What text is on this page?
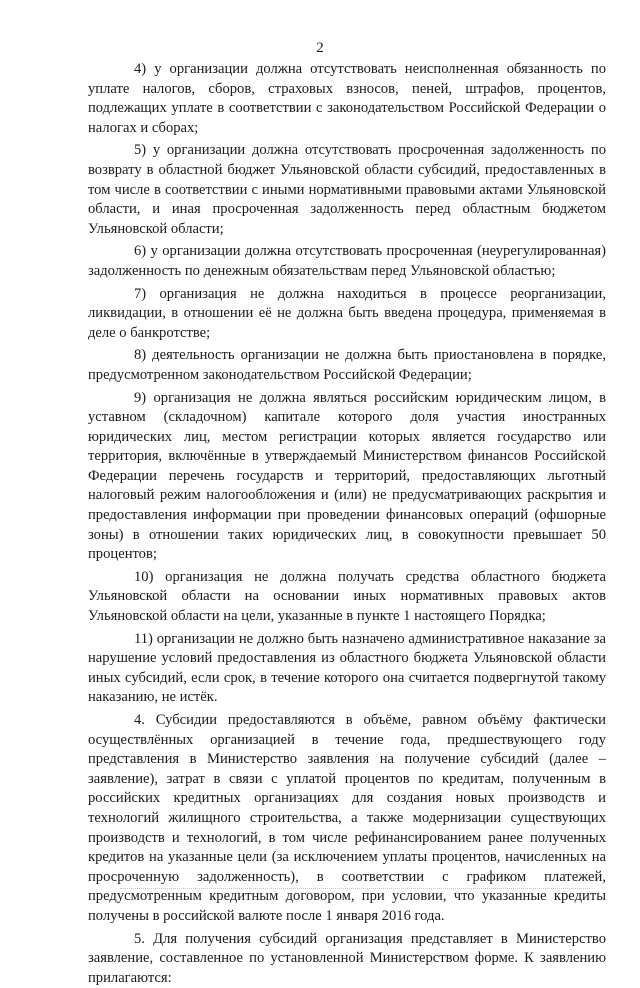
2

4) у организации должна отсутствовать неисполненная обязанность по уплате налогов, сборов, страховых взносов, пеней, штрафов, процентов, подлежащих уплате в соответствии с законодательством Российской Федерации о налогах и сборах;

5) у организации должна отсутствовать просроченная задолженность по возврату в областной бюджет Ульяновской области субсидий, предоставленных в том числе в соответствии с иными нормативными правовыми актами Ульяновской области, и иная просроченная задолженность перед областным бюджетом Ульяновской области;

6) у организации должна отсутствовать просроченная (неурегулированная) задолженность по денежным обязательствам перед Ульяновской областью;

7) организация не должна находиться в процессе реорганизации, ликвидации, в отношении её не должна быть введена процедура, применяемая в деле о банкротстве;

8) деятельность организации не должна быть приостановлена в порядке, предусмотренном законодательством Российской Федерации;

9) организация не должна являться российским юридическим лицом, в уставном (складочном) капитале которого доля участия иностранных юридических лиц, местом регистрации которых является государство или территория, включённые в утверждаемый Министерством финансов Российской Федерации перечень государств и территорий, предоставляющих льготный налоговый режим налогообложения и (или) не предусматривающих раскрытия и предоставления информации при проведении финансовых операций (офшорные зоны) в отношении таких юридических лиц, в совокупности превышает 50 процентов;

10) организация не должна получать средства областного бюджета Ульяновской области на основании иных нормативных правовых актов Ульяновской области на цели, указанные в пункте 1 настоящего Порядка;

11) организации не должно быть назначено административное наказание за нарушение условий предоставления из областного бюджета Ульяновской области иных субсидий, если срок, в течение которого она считается подвергнутой такому наказанию, не истёк.

4. Субсидии предоставляются в объёме, равном объёму фактически осуществлённых организацией в течение года, предшествующего году представления в Министерство заявления на получение субсидий (далее – заявление), затрат в связи с уплатой процентов по кредитам, полученным в российских кредитных организациях для создания новых производств и технологий жилищного строительства, а также модернизации существующих производств и технологий, в том числе рефинансированием ранее полученных кредитов на указанные цели (за исключением уплаты процентов, начисленных на просроченную задолженность), в соответствии с графиком платежей, предусмотренным кредитным договором, при условии, что указанные кредиты получены в российской валюте после 1 января 2016 года.

5. Для получения субсидий организация представляет в Министерство заявление, составленное по установленной Министерством форме. К заявлению прилагаются:
